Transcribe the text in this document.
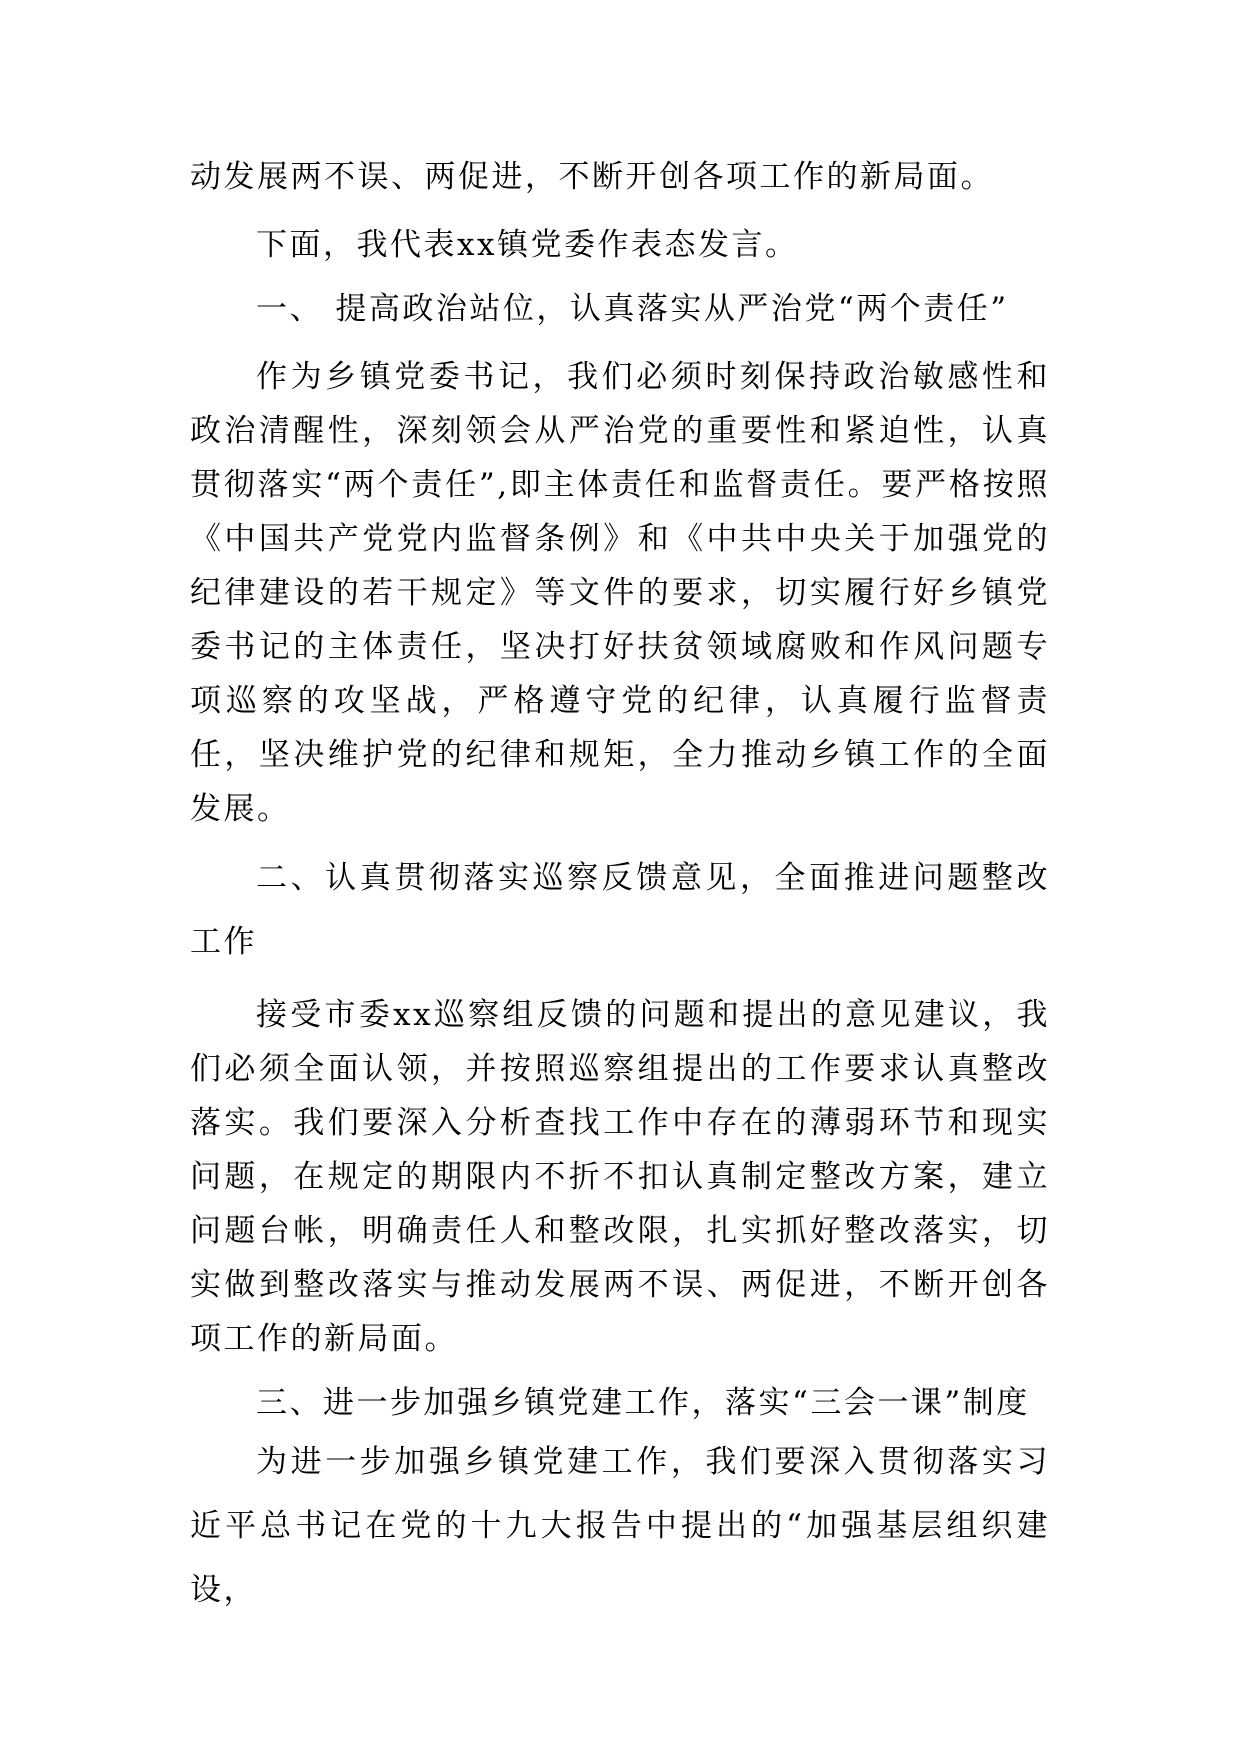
动发展两不误、两促进，不断开创各项工作的新局面。

下面，我代表xx镇党委作表态发言。

一、 提高政治站位，认真落实从严治党“两个责任”

作为乡镇党委书记，我们必须时刻保持政治敏感性和政治清醒性，深刻领会从严治党的重要性和紧迫性，认真贯彻落实“两个责任”,即主体责任和监督责任。要严格按照《中国共产党党内监督条例》和《中共中央关于加强党的纪律建设的若干规定》等文件的要求，切实履行好乡镇党委书记的主体责任，坚决打好扶贫领域腐败和作风问题专项巡察的攻坚战，严格遵守党的纪律，认真履行监督责任，坚决维护党的纪律和规矩，全力推动乡镇工作的全面发展。

二、认真贯彻落实巡察反馈意见，全面推进问题整改工作

接受市委xx巡察组反馈的问题和提出的意见建议，我们必须全面认领，并按照巡察组提出的工作要求认真整改落实。我们要深入分析查找工作中存在的薄弱环节和现实问题，在规定的期限内不折不扣认真制定整改方案，建立问题台帐，明确责任人和整改限，扎实抓好整改落实，切实做到整改落实与推动发展两不误、两促进，不断开创各项工作的新局面。

三、进一步加强乡镇党建工作，落实“三会一课”制度

为进一步加强乡镇党建工作，我们要深入贯彻落实习近平总书记在党的十九大报告中提出的“加强基层组织建设，
